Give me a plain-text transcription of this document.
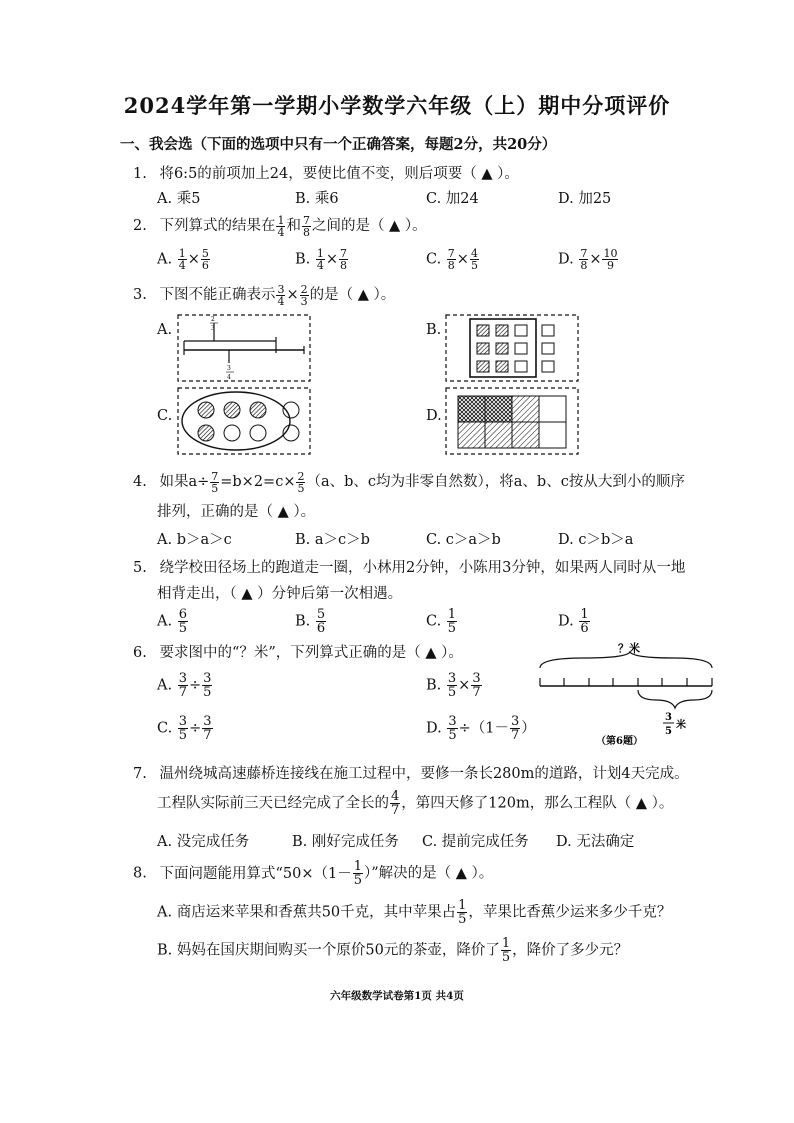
2024学年第一学期小学数学六年级（上）期中分项评价
一、我会选（下面的选项中只有一个正确答案，每题2分，共20分）
1. 将6:5的前项加上24，要使比值不变，则后项要（ ▲ ）。
A. 乘5	B. 乘6	C. 加24	D. 加25
2. 下列算式的结果在 $\frac{1}{4}$ 和 $\frac{7}{8}$ 之间的是（ ▲ ）。
A. $\frac{1}{4} \times \frac{5}{6}$	B. $\frac{1}{4} \times \frac{7}{8}$	C. $\frac{7}{8} \times \frac{4}{5}$	D. $\frac{7}{8} \times \frac{10}{9}$
3. 下图不能正确表示 $\frac{3}{4} \times \frac{2}{3}$ 的是（ ▲ ）。
A.	B.
C.	D.
2
3
3
4
4. 如果$a\div \frac{7}{5} =b\times 2=c\times \frac{2}{5} (a$、b、c均为非零自然数），将a、b、c按从大到小的顺序
排列，正确的是（ ▲ ）。
A. b＞a＞c	B. a＞c＞b	C. c＞a＞b	D. c＞b＞a
5. 绕学校田径场上的跑道走一圈，小林用2分钟，小陈用3分钟，如果两人同时从一地
相背走出，（ ▲ ）分钟后第一次相遇。
A. $\frac{6}{5}$	B. $\frac{5}{6}$	C. $\frac{1}{5}$	D. $\frac{1}{6}$
6. 要求图中的“？米”，下列算式正确的是（ ▲ ）。
A. $\frac{3}{7} \div \frac{3}{5}$	B. $\frac{3}{5} \times \frac{3}{7}$
C. $\frac{3}{5} \div \frac{3}{7}$	D. $\frac{3}{5} \div(1- \frac{3}{7}$ ）
？米
3
5
米
（第6题）
7. 温州绕城高速藤桥连接线在施工过程中，要修一条长280m的道路，计划4天完成。
工程队实际前三天已经完成了全长的 $\frac{4}{7}$ ，第四天修了120m，那么工程队（ ▲ ）。
A. 没完成任务	B. 刚好完成任务 C. 提前完成任务 D. 无法确定
8. 下面问题能用算式“$50\times(1- \frac{1}{5}$ ）”解决的是（ ▲ ）。
A. 商店运来苹果和香蕉共50千克，其中苹果占 $\frac{1}{5}$ ，苹果比香蕉少运来多少千克？
B. 妈妈在国庆期间购买一个原价50元的茶壶，降价了 $\frac{1}{5}$ ，降价了多少元？
六年级数学试卷第1页 共4页
